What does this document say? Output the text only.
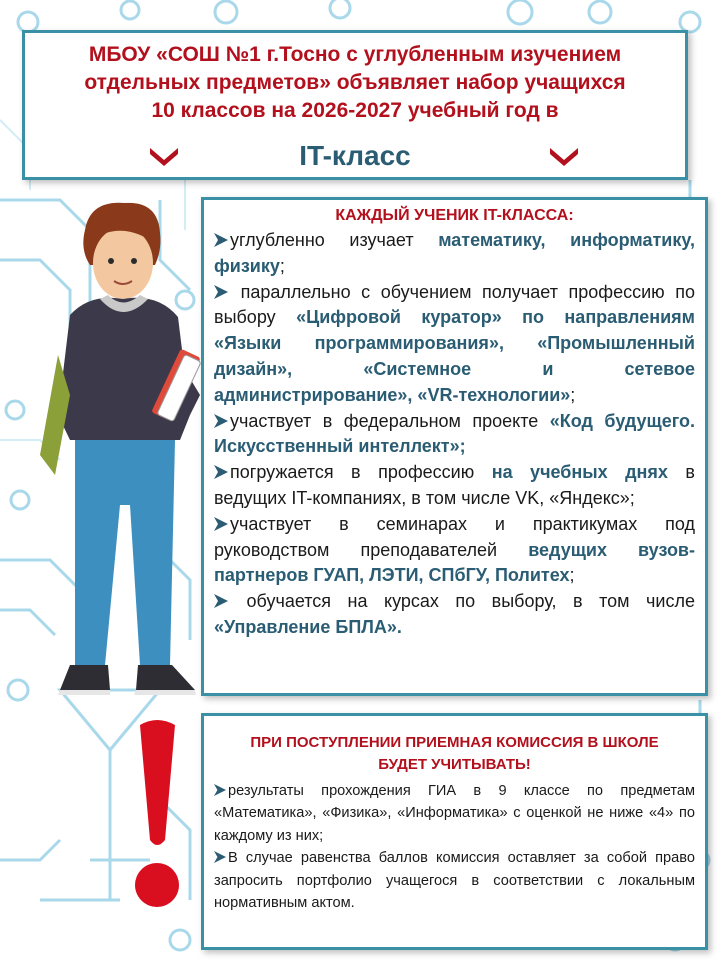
МБОУ «СОШ №1 г.Тосно с углубленным изучением
отдельных предметов» объявляет набор учащихся
10 классов на 2026-2027 учебный год в
IT-класс
КАЖДЫЙ УЧЕНИК IT-КЛАССА:
углубленно изучает математику, информатику, физику;
параллельно с обучением получает профессию по выбору «Цифровой куратор» по направлениям «Языки программирования», «Промышленный дизайн», «Системное и сетевое администрирование», «VR-технологии»;
участвует в федеральном проекте «Код будущего. Искусственный интеллект»;
погружается в профессию на учебных днях в ведущих IT-компаниях, в том числе VK, «Яндекс»;
участвует в семинарах и практикумах под руководством преподавателей ведущих вузов-партнеров ГУАП, ЛЭТИ, СПбГУ, Политех;
обучается на курсах по выбору, в том числе «Управление БПЛА».
ПРИ ПОСТУПЛЕНИИ ПРИЕМНАЯ КОМИССИЯ В ШКОЛЕ
БУДЕТ УЧИТЫВАТЬ!
результаты прохождения ГИА в 9 классе по предметам «Математика», «Физика», «Информатика» с оценкой не ниже «4» по каждому из них;
В случае равенства баллов комиссия оставляет за собой право запросить портфолио учащегося в соответствии с локальным нормативным актом.
